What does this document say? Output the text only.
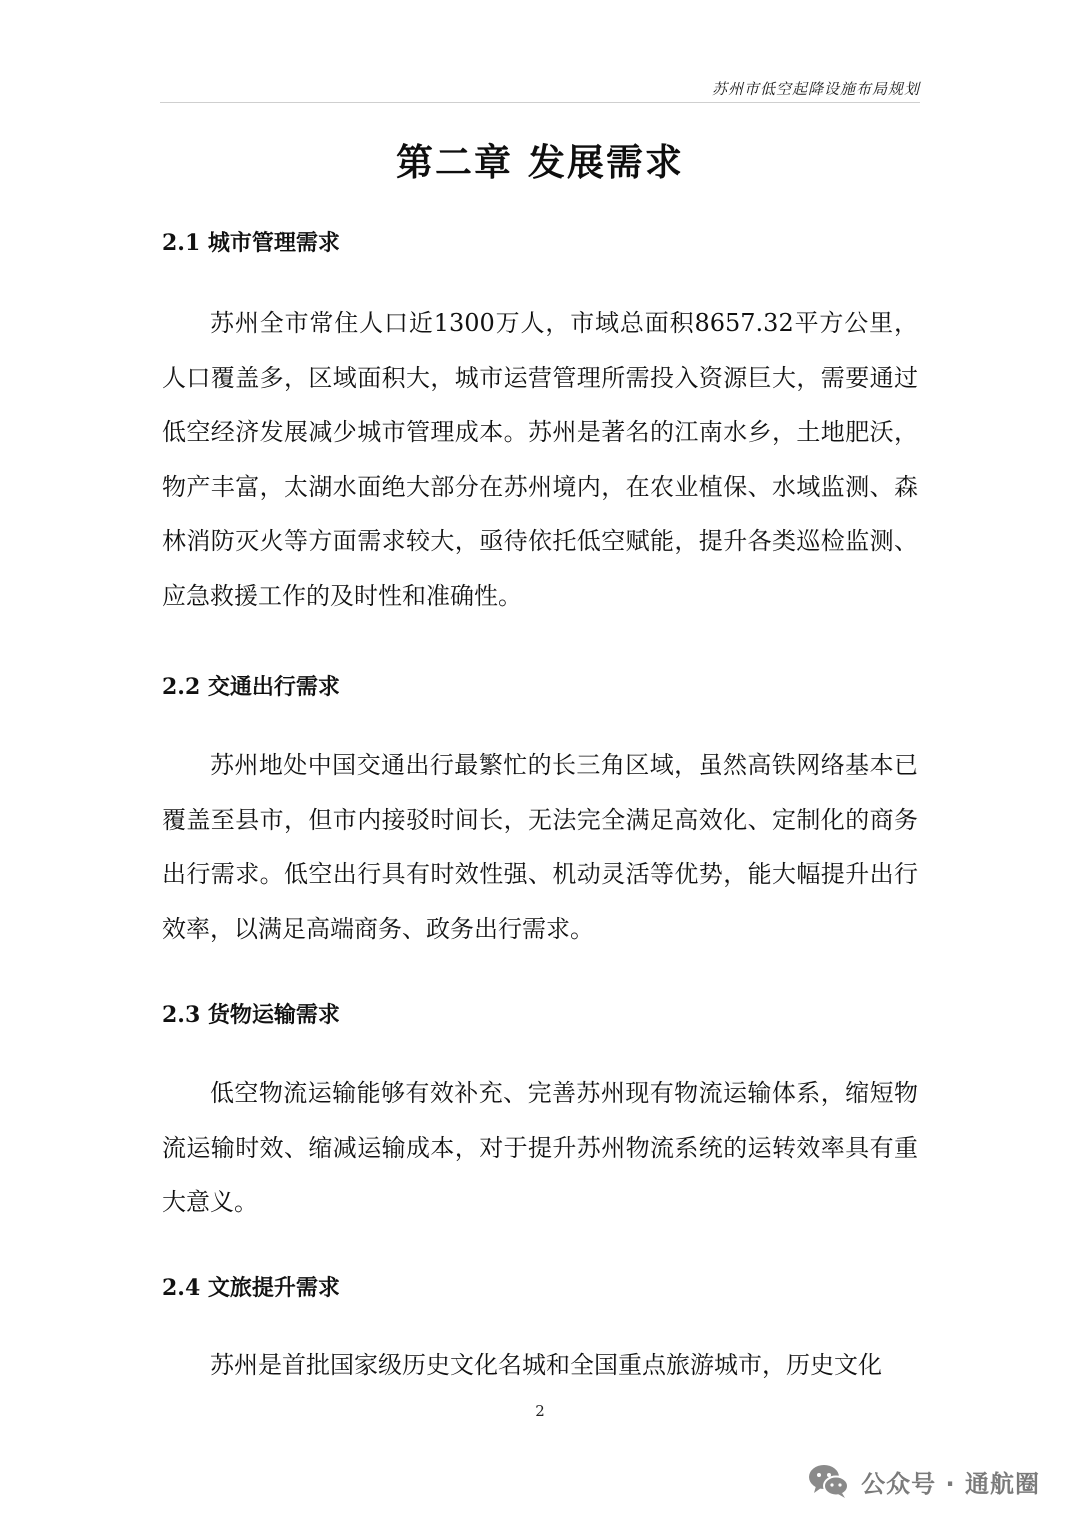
苏州市低空起降设施布局规划
第二章 发展需求
2.1 城市管理需求

苏州全市常住人口近1300万人，市域总面积8657.32平方公里，人口覆盖多，区域面积大，城市运营管理所需投入资源巨大，需要通过低空经济发展减少城市管理成本。苏州是著名的江南水乡，土地肥沃，物产丰富，太湖水面绝大部分在苏州境内，在农业植保、水域监测、森林消防灭火等方面需求较大，亟待依托低空赋能，提升各类巡检监测、应急救援工作的及时性和准确性。

2.2 交通出行需求

苏州地处中国交通出行最繁忙的长三角区域，虽然高铁网络基本已覆盖至县市，但市内接驳时间长，无法完全满足高效化、定制化的商务出行需求。低空出行具有时效性强、机动灵活等优势，能大幅提升出行效率，以满足高端商务、政务出行需求。

2.3 货物运输需求

低空物流运输能够有效补充、完善苏州现有物流运输体系，缩短物流运输时效、缩减运输成本，对于提升苏州物流系统的运转效率具有重大意义。

2.4 文旅提升需求

苏州是首批国家级历史文化名城和全国重点旅游城市，历史文化

2
公众号 · 通航圈
